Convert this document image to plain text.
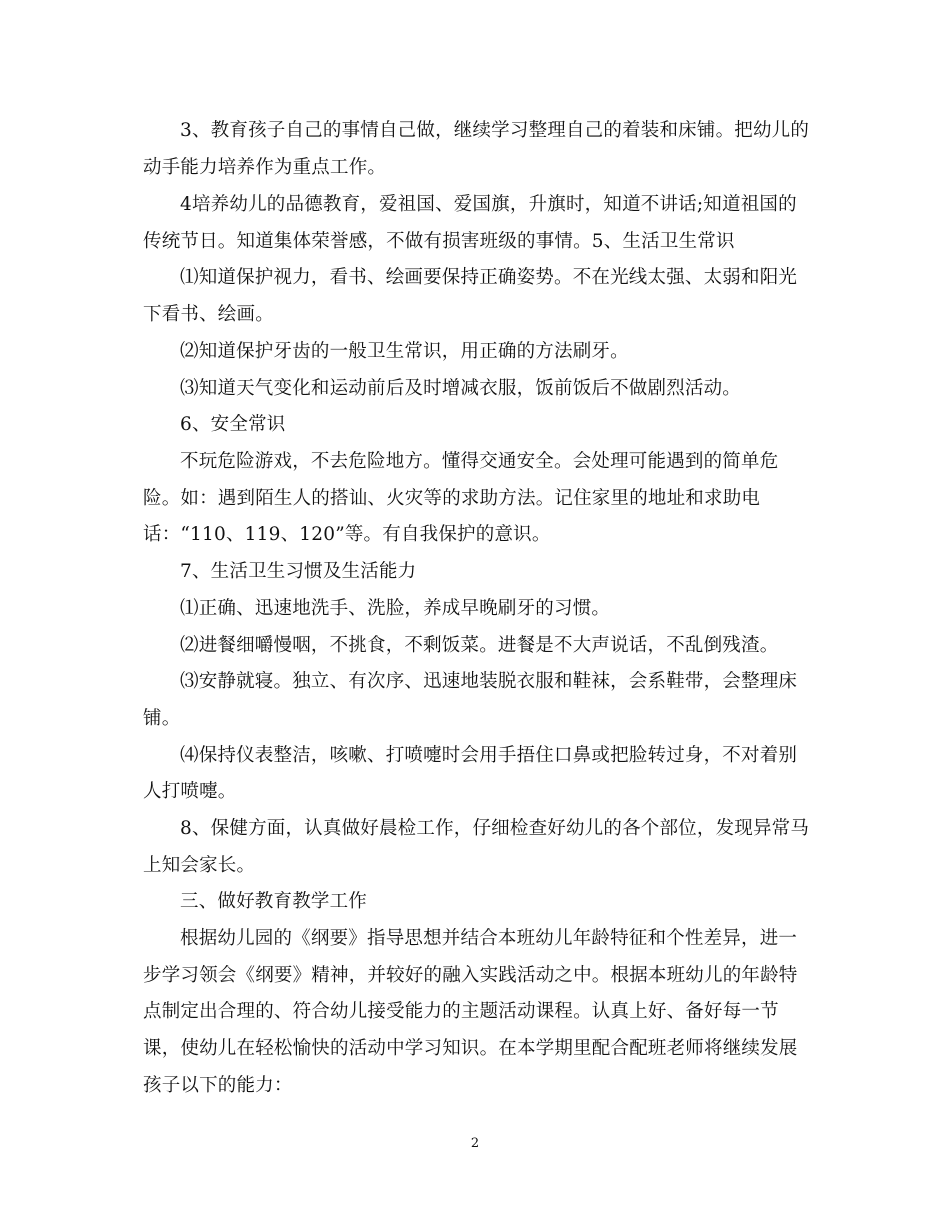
3、教育孩子自己的事情自己做，继续学习整理自己的着装和床铺。把幼儿的
动手能力培养作为重点工作。
4培养幼儿的品德教育，爱祖国、爱国旗，升旗时，知道不讲话;知道祖国的
传统节日。知道集体荣誉感，不做有损害班级的事情。5、生活卫生常识
⑴知道保护视力，看书、绘画要保持正确姿势。不在光线太强、太弱和阳光
下看书、绘画。
⑵知道保护牙齿的一般卫生常识，用正确的方法刷牙。
⑶知道天气变化和运动前后及时增减衣服，饭前饭后不做剧烈活动。
6、安全常识
不玩危险游戏，不去危险地方。懂得交通安全。会处理可能遇到的简单危
险。如：遇到陌生人的搭讪、火灾等的求助方法。记住家里的地址和求助电
话：“110、119、120”等。有自我保护的意识。
7、生活卫生习惯及生活能力
⑴正确、迅速地洗手、洗脸，养成早晚刷牙的习惯。
⑵进餐细嚼慢咽，不挑食，不剩饭菜。进餐是不大声说话，不乱倒残渣。
⑶安静就寝。独立、有次序、迅速地装脱衣服和鞋袜，会系鞋带，会整理床
铺。
⑷保持仪表整洁，咳嗽、打喷嚏时会用手捂住口鼻或把脸转过身，不对着别
人打喷嚏。
8、保健方面，认真做好晨检工作，仔细检查好幼儿的各个部位，发现异常马
上知会家长。
三、做好教育教学工作
根据幼儿园的《纲要》指导思想并结合本班幼儿年龄特征和个性差异，进一
步学习领会《纲要》精神，并较好的融入实践活动之中。根据本班幼儿的年龄特
点制定出合理的、符合幼儿接受能力的主题活动课程。认真上好、备好每一节
课，使幼儿在轻松愉快的活动中学习知识。在本学期里配合配班老师将继续发展
孩子以下的能力：
2
